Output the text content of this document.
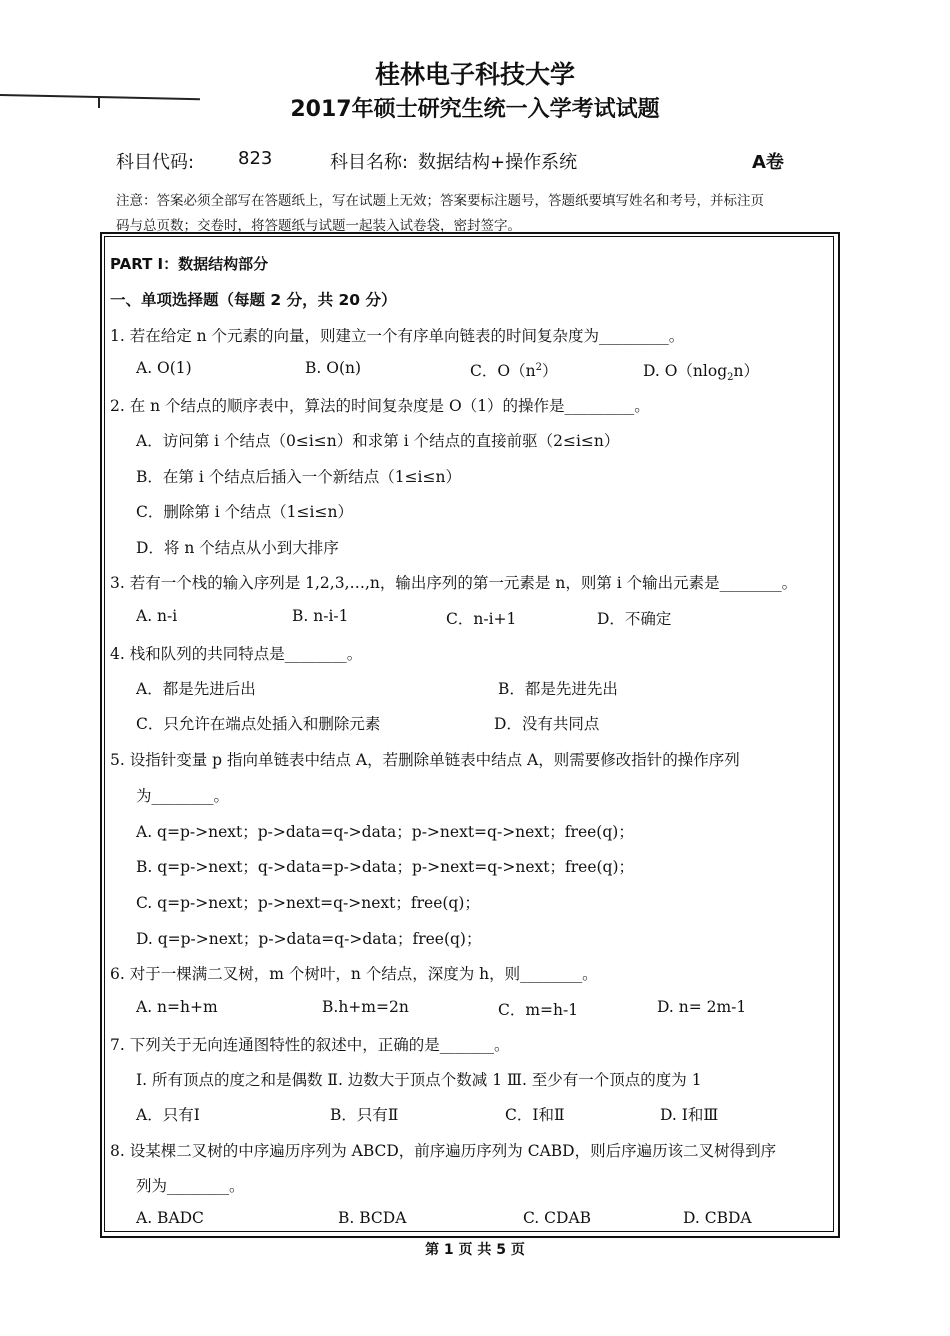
桂林电子科技大学
2017年硕士研究生统一入学考试试题
科目代码: 823	科目名称: 数据结构+操作系统	A卷
注意：答案必须全部写在答题纸上，写在试题上无效；答案要标注题号，答题纸要填写姓名和考号，并标注页
码与总页数；交卷时，将答题纸与试题一起装入试卷袋，密封签字。
PART Ⅰ：数据结构部分
一、单项选择题（每题 2 分，共 20 分）
1. 若在给定 n 个元素的向量，则建立一个有序单向链表的时间复杂度为_________。
A. O(1)	B. O(n)	C．$O(n^2)$	D. O（nlog$_2$n）
2. 在 n 个结点的顺序表中，算法的时间复杂度是 O（1）的操作是_________。
A．访问第 i 个结点（0≤i≤n）和求第 i 个结点的直接前驱（2≤i≤n）
B．在第 i 个结点后插入一个新结点（1≤i≤n）
C．删除第 i 个结点（1≤i≤n）
D．将 n 个结点从小到大排序
3. 若有一个栈的输入序列是 1,2,3,…,n，输出序列的第一元素是 n，则第 i 个输出元素是________。
A. n-i	B. n-i-1	C．n-i+1	D．不确定
4. 栈和队列的共同特点是________。
A．都是先进后出	B．都是先进先出
C．只允许在端点处插入和删除元素	D．没有共同点
5. 设指针变量 p 指向单链表中结点 A，若删除单链表中结点 A，则需要修改指针的操作序列
为________。
A. q=p->next；p->data=q->data；p->next=q->next；free(q)；
B. q=p->next；q->data=p->data；p->next=q->next；free(q)；
C. q=p->next；p->next=q->next；free(q)；
D. q=p->next；p->data=q->data；free(q)；
6. 对于一棵满二叉树，m 个树叶，n 个结点，深度为 h，则________。
A. n=h+m	B.h+m=2n	C．m=h-1	D. n= 2m-1
7. 下列关于无向连通图特性的叙述中，正确的是_______。
Ⅰ. 所有顶点的度之和是偶数 Ⅱ. 边数大于顶点个数减 1 Ⅲ. 至少有一个顶点的度为 1
A．只有Ⅰ	B．只有Ⅱ	C．Ⅰ和Ⅱ	D. Ⅰ和Ⅲ
8. 设某棵二叉树的中序遍历序列为 ABCD，前序遍历序列为 CABD，则后序遍历该二叉树得到序
列为________。
A. BADC	B. BCDA	C. CDAB	D. CBDA
第 1 页 共 5 页
